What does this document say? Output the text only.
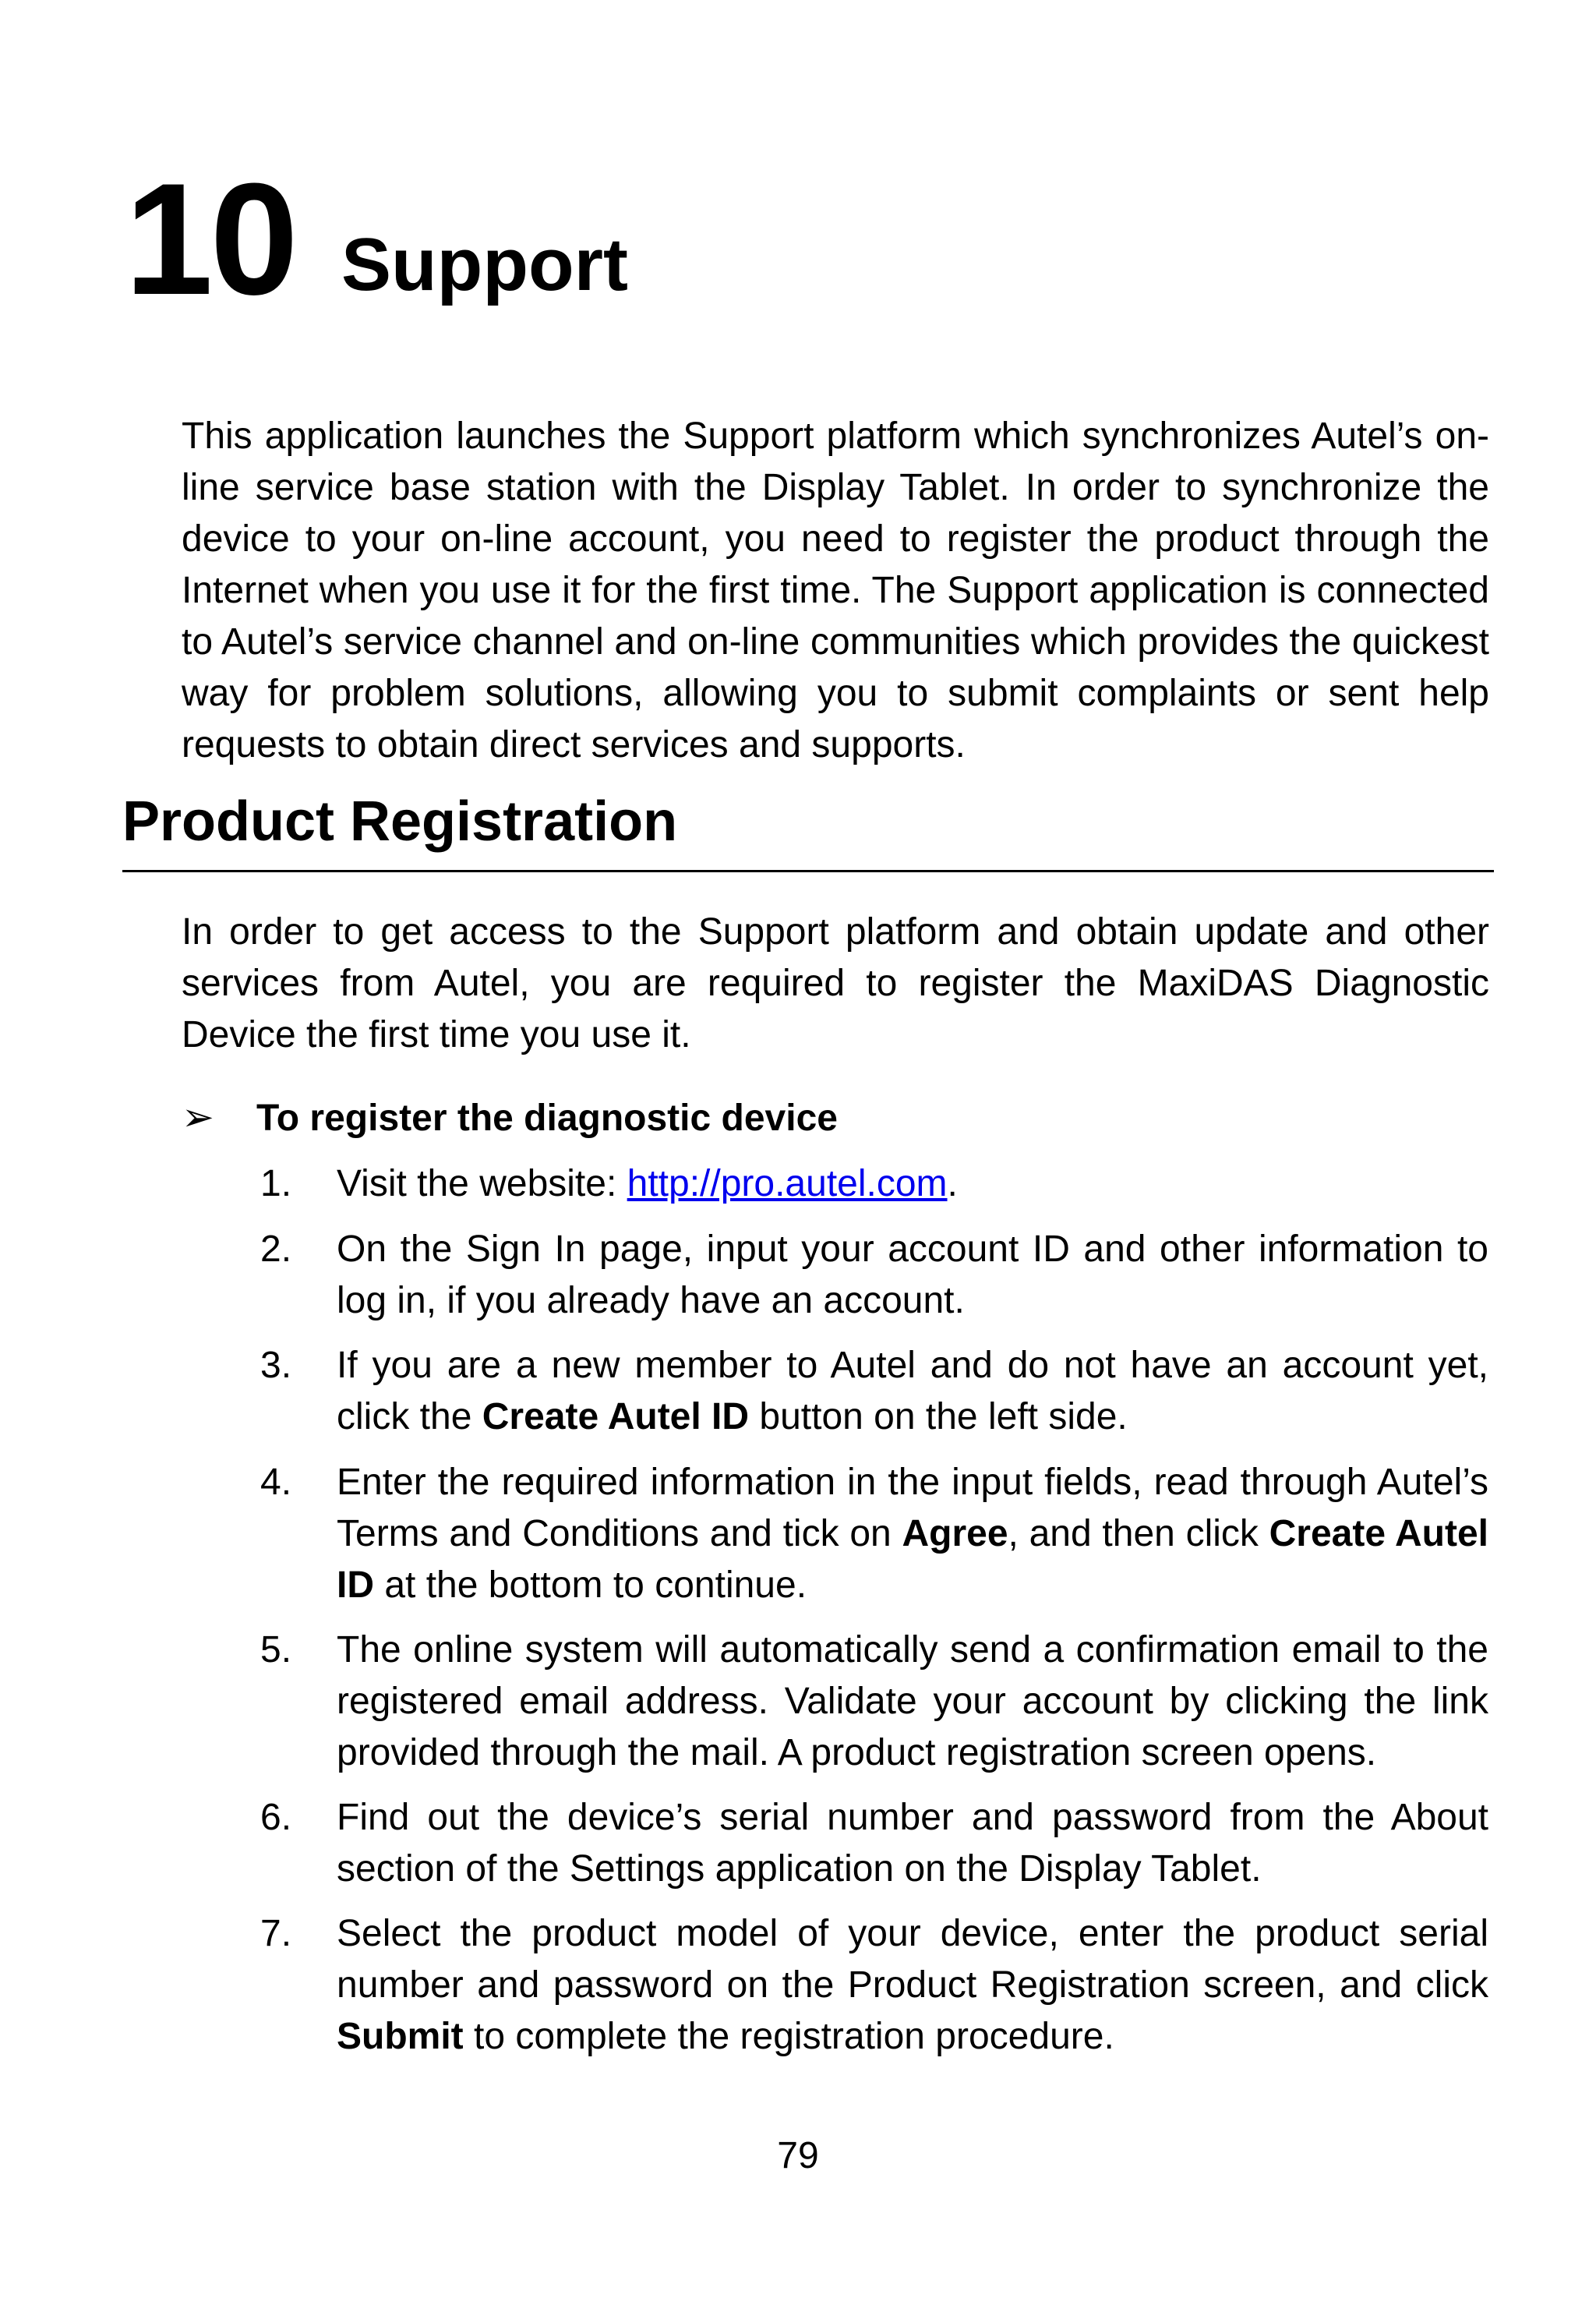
10 Support

This application launches the Support platform which synchronizes Autel’s on-line service base station with the Display Tablet. In order to synchronize the device to your on-line account, you need to register the product through the Internet when you use it for the first time. The Support application is connected to Autel’s service channel and on-line communities which provides the quickest way for problem solutions, allowing you to submit complaints or sent help requests to obtain direct services and supports.

Product Registration

In order to get access to the Support platform and obtain update and other services from Autel, you are required to register the MaxiDAS Diagnostic Device the first time you use it.

➢ To register the diagnostic device
1. Visit the website: http://pro.autel.com.

2. On the Sign In page, input your account ID and other information to log in, if you already have an account.

3. If you are a new member to Autel and do not have an account yet, click the Create Autel ID button on the left side.

4. Enter the required information in the input fields, read through Autel’s Terms and Conditions and tick on Agree, and then click Create Autel ID at the bottom to continue.

5. The online system will automatically send a confirmation email to the registered email address. Validate your account by clicking the link provided through the mail. A product registration screen opens.

6. Find out the device’s serial number and password from the About section of the Settings application on the Display Tablet.

7. Select the product model of your device, enter the product serial number and password on the Product Registration screen, and click Submit to complete the registration procedure.

79
